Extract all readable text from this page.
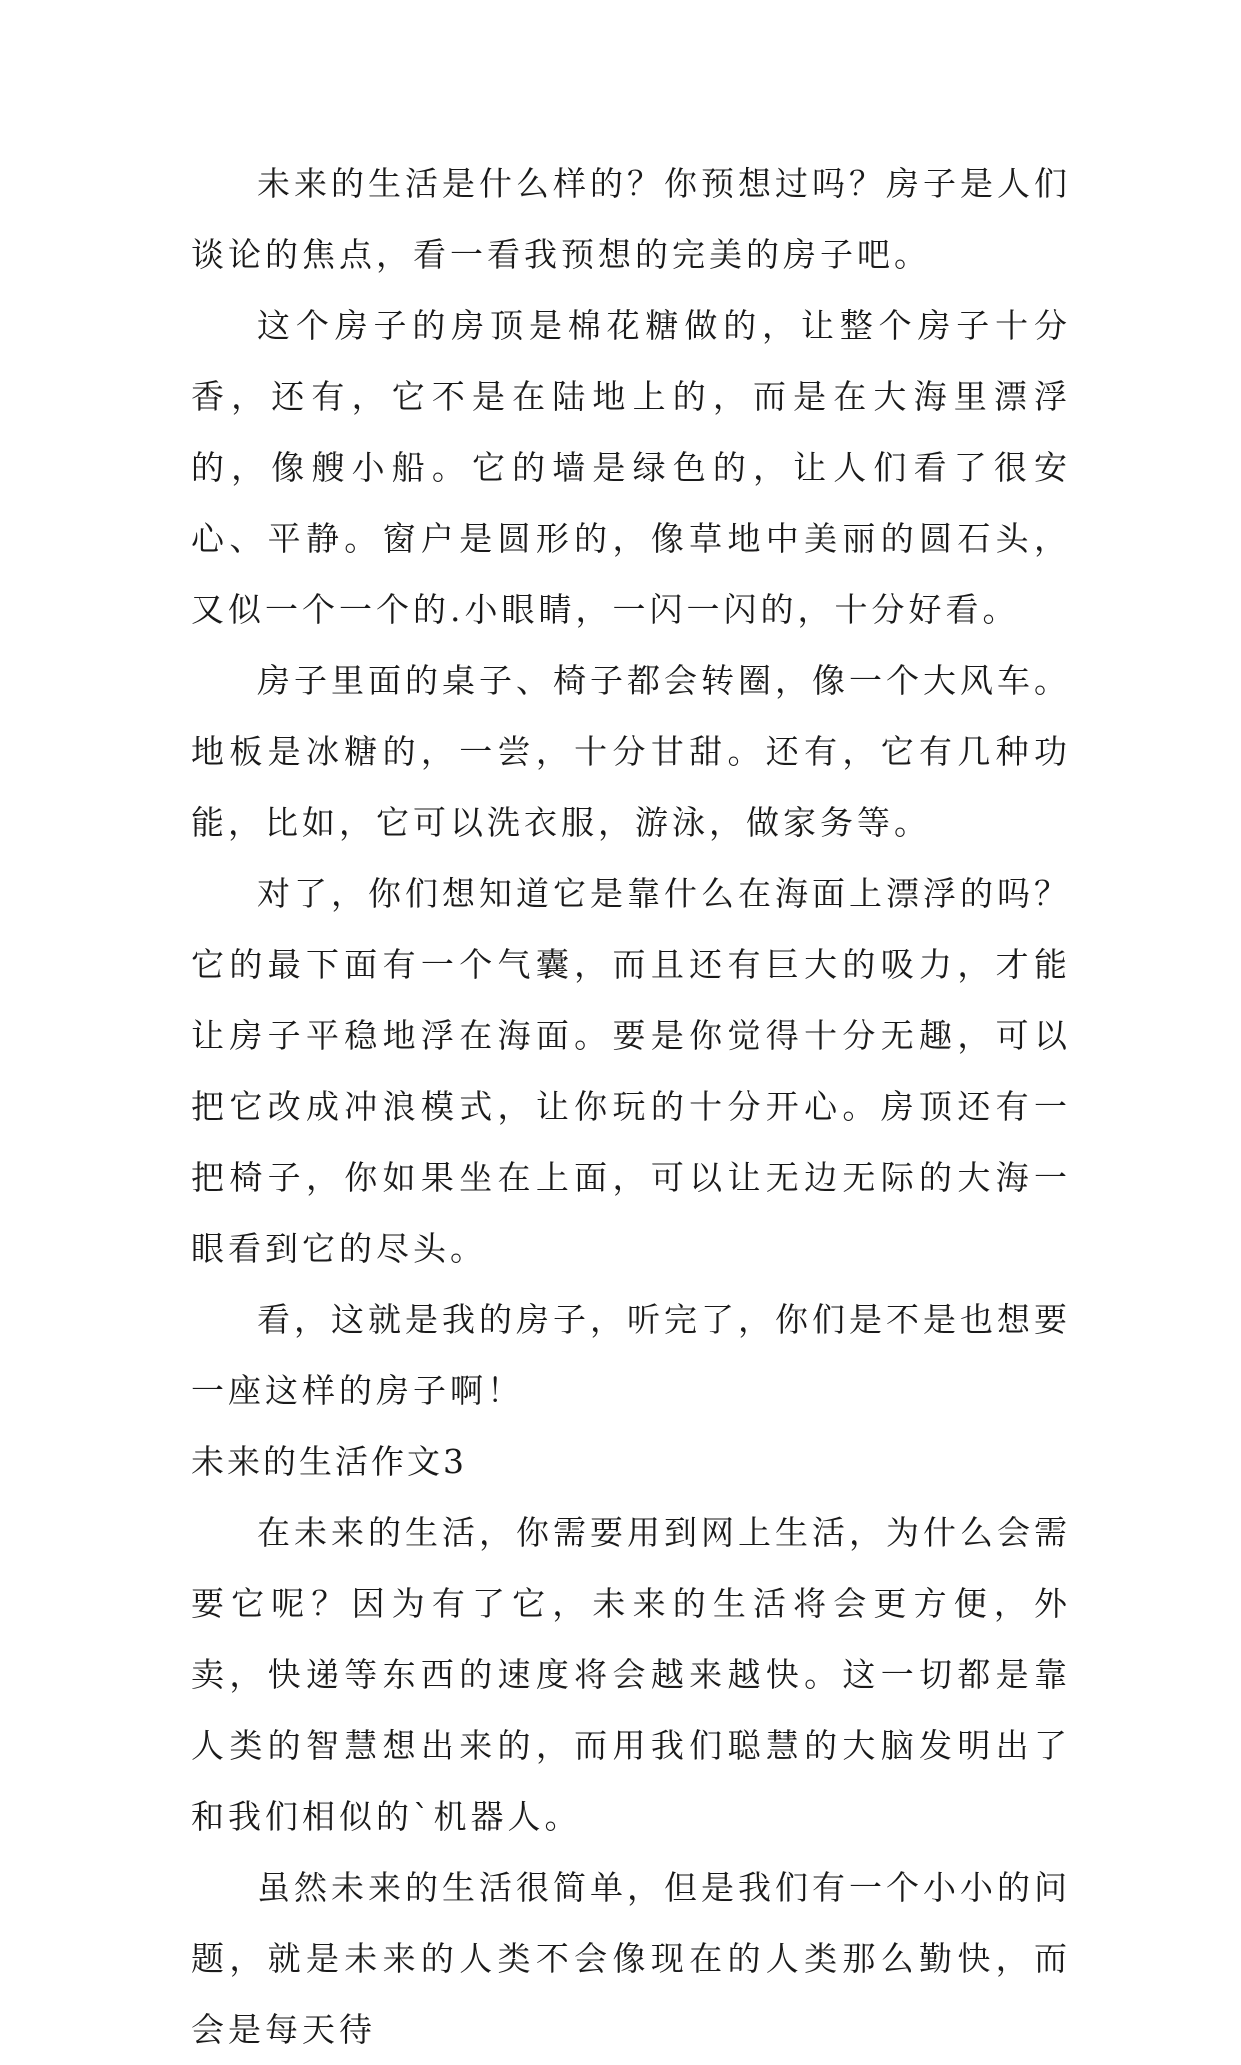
未来的生活是什么样的？你预想过吗？房子是人们谈论的焦点，看一看我预想的完美的房子吧。

这个房子的房顶是棉花糖做的，让整个房子十分香，还有，它不是在陆地上的，而是在大海里漂浮的，像艘小船。它的墙是绿色的，让人们看了很安心、平静。窗户是圆形的，像草地中美丽的圆石头，又似一个一个的.小眼睛，一闪一闪的，十分好看。

房子里面的桌子、椅子都会转圈，像一个大风车。地板是冰糖的，一尝，十分甘甜。还有，它有几种功能，比如，它可以洗衣服，游泳，做家务等。

对了，你们想知道它是靠什么在海面上漂浮的吗？它的最下面有一个气囊，而且还有巨大的吸力，才能让房子平稳地浮在海面。要是你觉得十分无趣，可以把它改成冲浪模式，让你玩的十分开心。房顶还有一把椅子，你如果坐在上面，可以让无边无际的大海一眼看到它的尽头。

看，这就是我的房子，听完了，你们是不是也想要一座这样的房子啊！

未来的生活作文3

在未来的生活，你需要用到网上生活，为什么会需要它呢？因为有了它，未来的生活将会更方便，外卖，快递等东西的速度将会越来越快。这一切都是靠人类的智慧想出来的，而用我们聪慧的大脑发明出了和我们相似的`机器人。

虽然未来的生活很简单，但是我们有一个小小的问题，就是未来的人类不会像现在的人类那么勤快，而会是每天待
